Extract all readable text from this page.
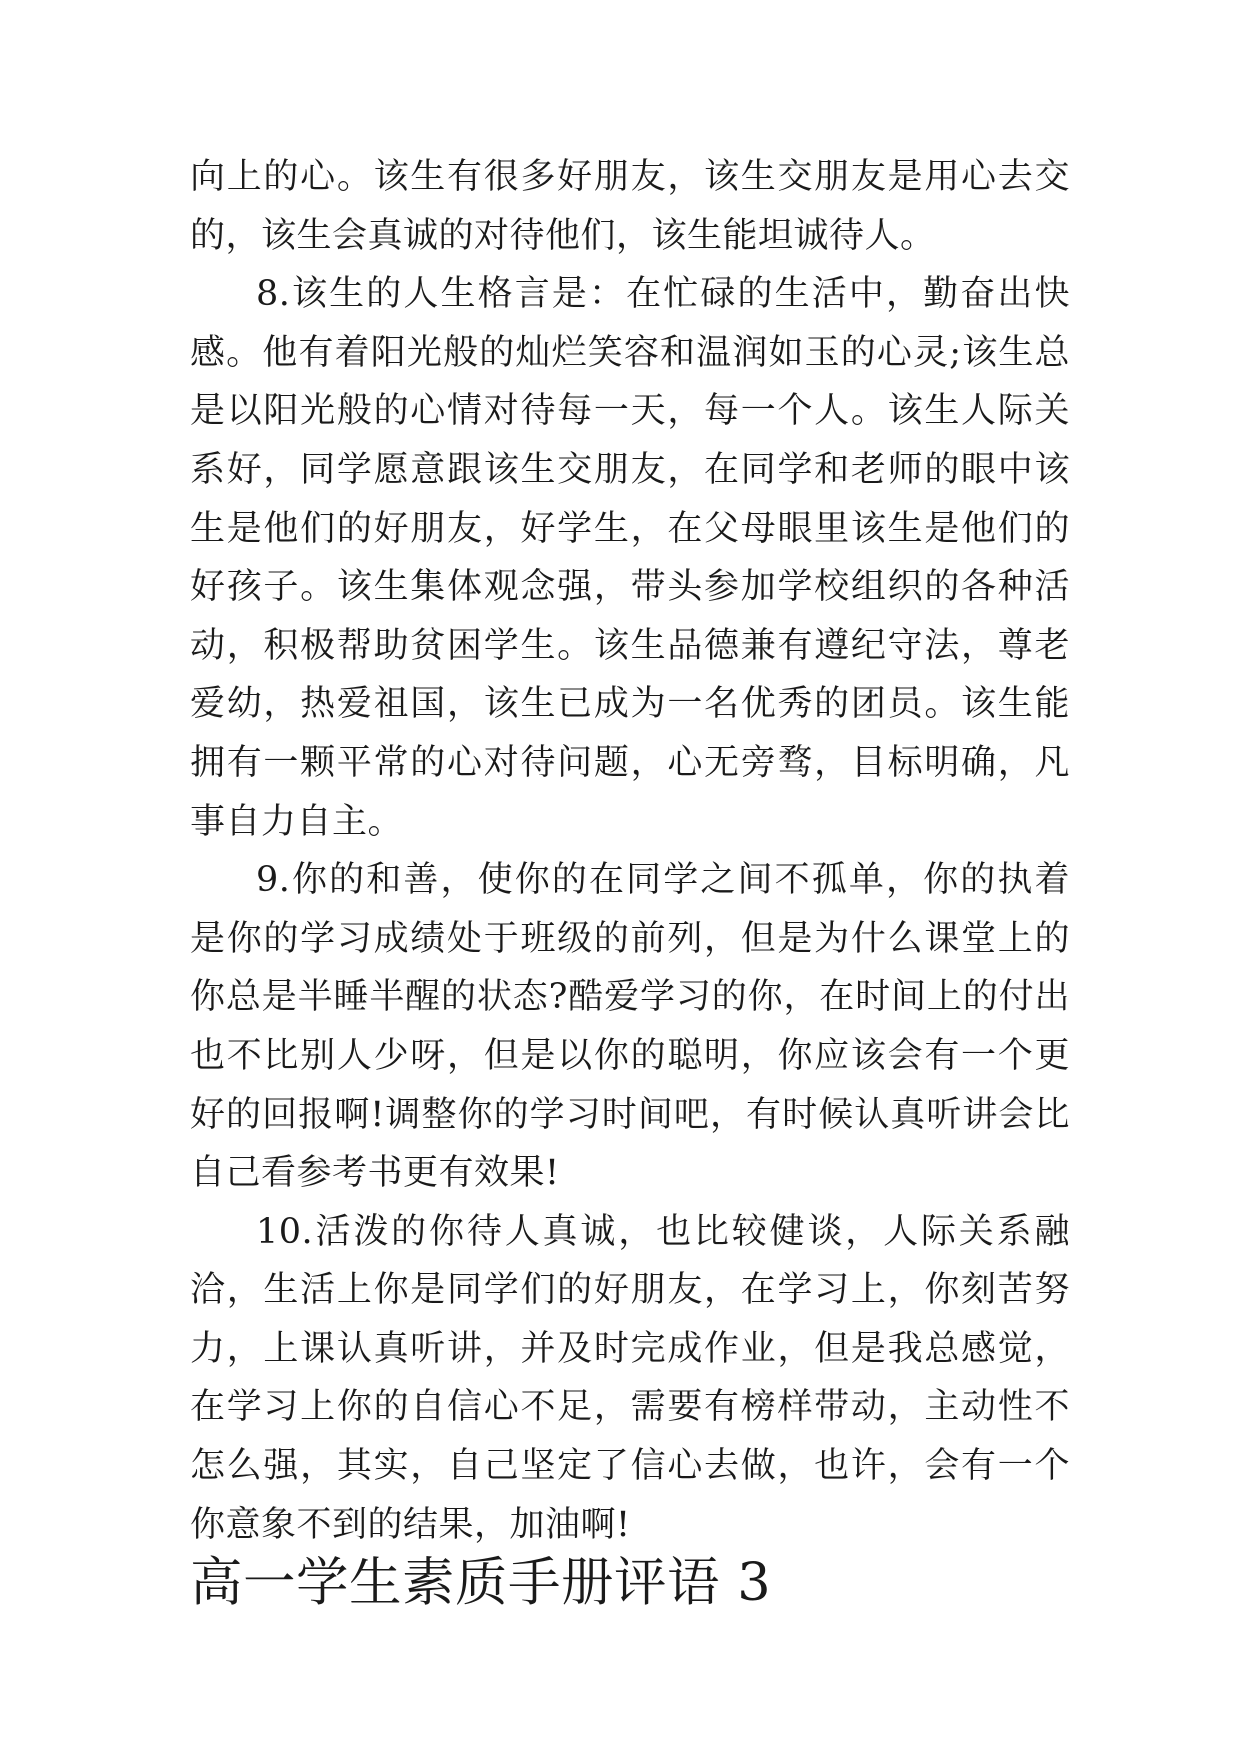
向上的心。该生有很多好朋友，该生交朋友是用心去交的，该生会真诚的对待他们，该生能坦诚待人。

8.该生的人生格言是：在忙碌的生活中，勤奋出快感。他有着阳光般的灿烂笑容和温润如玉的心灵;该生总是以阳光般的心情对待每一天，每一个人。该生人际关系好，同学愿意跟该生交朋友，在同学和老师的眼中该生是他们的好朋友，好学生，在父母眼里该生是他们的好孩子。该生集体观念强，带头参加学校组织的各种活动，积极帮助贫困学生。该生品德兼有遵纪守法，尊老爱幼，热爱祖国，该生已成为一名优秀的团员。该生能拥有一颗平常的心对待问题，心无旁骛，目标明确，凡事自力自主。

9.你的和善，使你的在同学之间不孤单，你的执着是你的学习成绩处于班级的前列，但是为什么课堂上的你总是半睡半醒的状态?酷爱学习的你，在时间上的付出也不比别人少呀，但是以你的聪明，你应该会有一个更好的回报啊!调整你的学习时间吧，有时候认真听讲会比自己看参考书更有效果!

10.活泼的你待人真诚，也比较健谈，人际关系融洽，生活上你是同学们的好朋友，在学习上，你刻苦努力，上课认真听讲，并及时完成作业，但是我总感觉，在学习上你的自信心不足，需要有榜样带动，主动性不怎么强，其实，自己坚定了信心去做，也许，会有一个你意象不到的结果，加油啊!

高一学生素质手册评语 3
